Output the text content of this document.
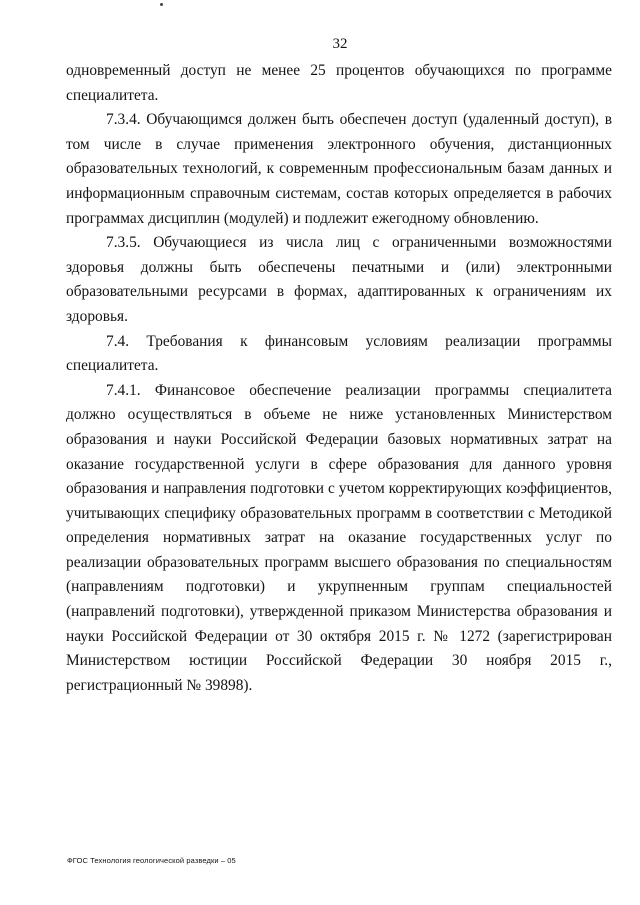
32

одновременный доступ не менее 25 процентов обучающихся по программе специалитета.

7.3.4. Обучающимся должен быть обеспечен доступ (удаленный доступ), в том числе в случае применения электронного обучения, дистанционных образовательных технологий, к современным профессиональным базам данных и информационным справочным системам, состав которых определяется в рабочих программах дисциплин (модулей) и подлежит ежегодному обновлению.

7.3.5. Обучающиеся из числа лиц с ограниченными возможностями здоровья должны быть обеспечены печатными и (или) электронными образовательными ресурсами в формах, адаптированных к ограничениям их здоровья.

7.4. Требования к финансовым условиям реализации программы специалитета.

7.4.1. Финансовое обеспечение реализации программы специалитета должно осуществляться в объеме не ниже установленных Министерством образования и науки Российской Федерации базовых нормативных затрат на оказание государственной услуги в сфере образования для данного уровня образования и направления подготовки с учетом корректирующих коэффициентов, учитывающих специфику образовательных программ в соответствии с Методикой определения нормативных затрат на оказание государственных услуг по реализации образовательных программ высшего образования по специальностям (направлениям подготовки) и укрупненным группам специальностей (направлений подготовки), утвержденной приказом Министерства образования и науки Российской Федерации от 30 октября 2015 г. № 1272 (зарегистрирован Министерством юстиции Российской Федерации 30 ноября 2015 г., регистрационный № 39898).

ФГОС Технология геологической разведки – 05
